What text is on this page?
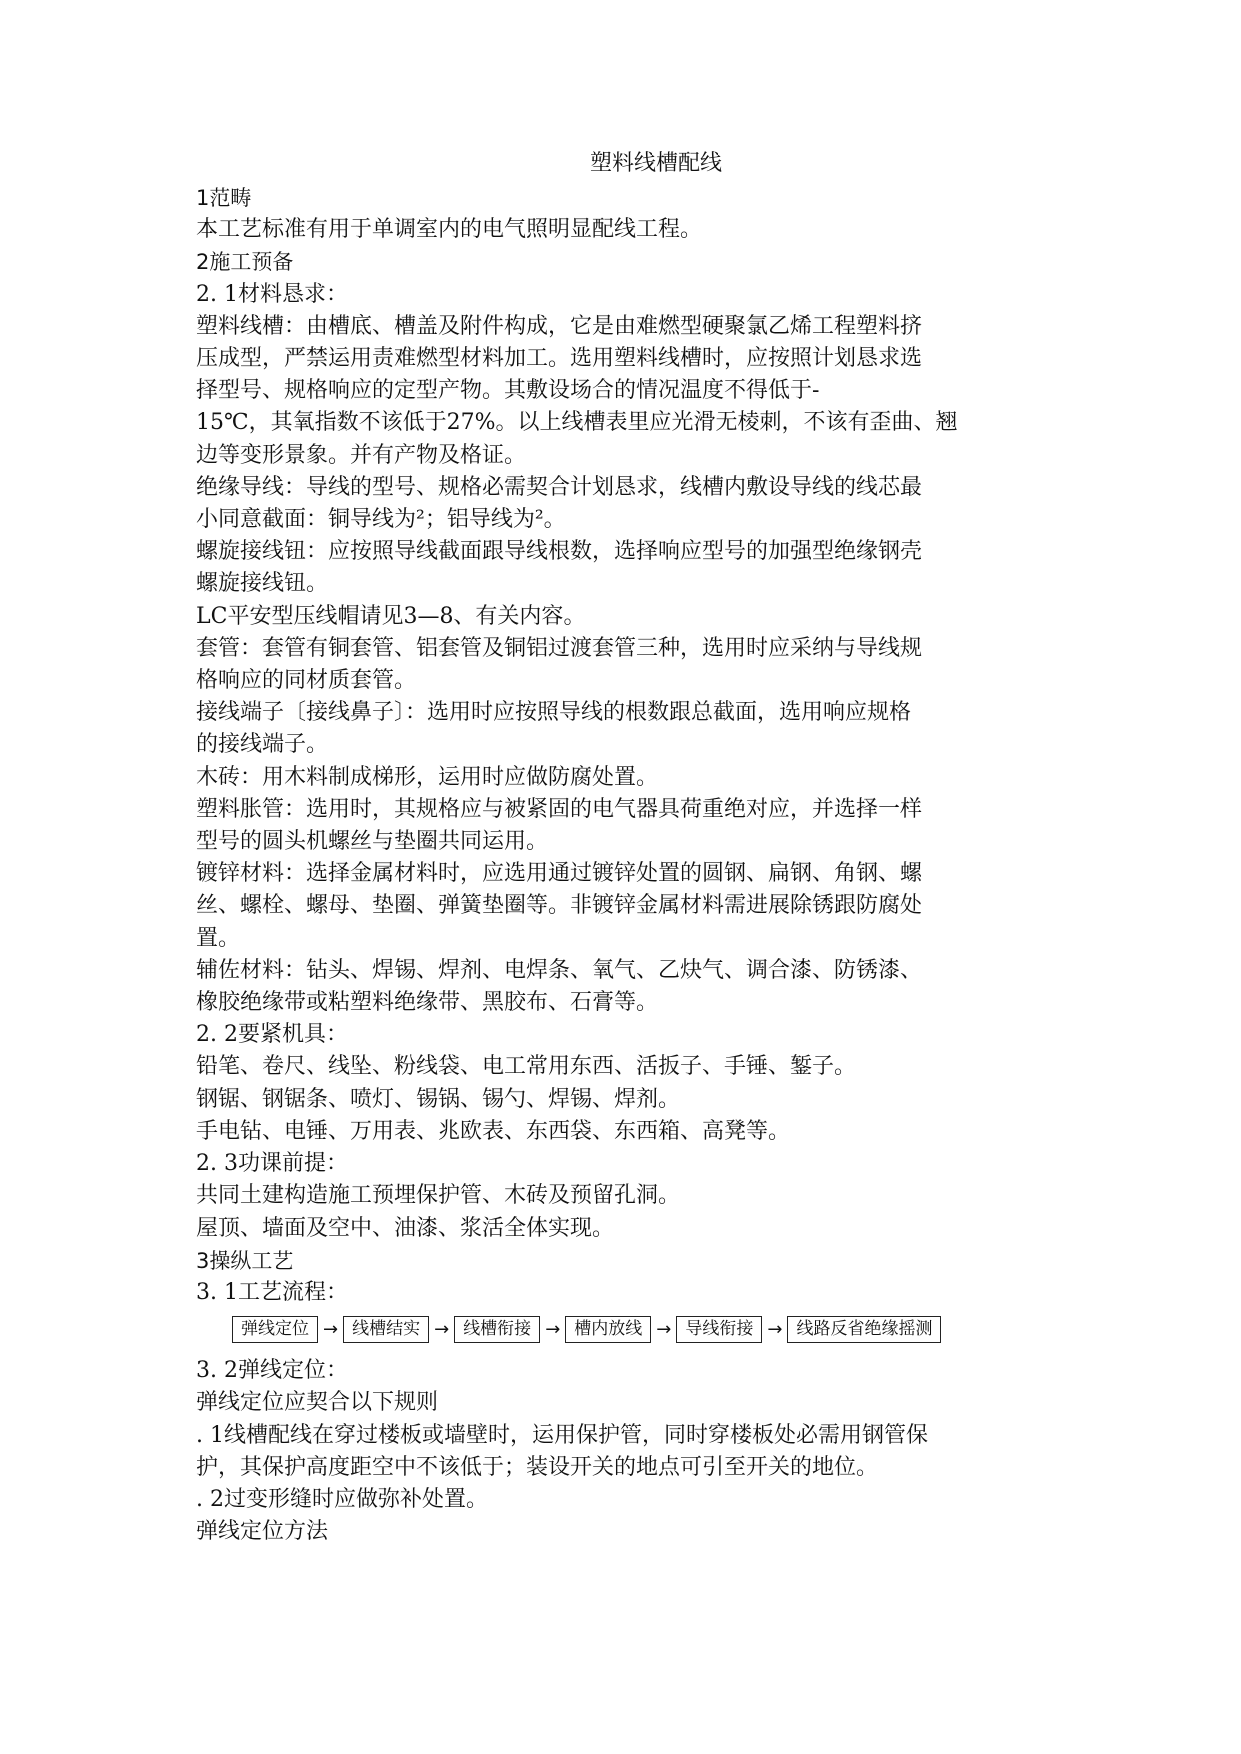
塑料线槽配线
1范畴
本工艺标准有用于单调室内的电气照明显配线工程。
2施工预备
2. 1材料恳求：
塑料线槽：由槽底、槽盖及附件构成，它是由难燃型硬聚氯乙烯工程塑料挤
压成型，严禁运用责难燃型材料加工。选用塑料线槽时，应按照计划恳求选
择型号、规格响应的定型产物。其敷设场合的情况温度不得低于-
15℃，其氧指数不该低于27%。以上线槽表里应光滑无棱刺，不该有歪曲、翘
边等变形景象。并有产物及格证。
绝缘导线：导线的型号、规格必需契合计划恳求，线槽内敷设导线的线芯最
小同意截面：铜导线为²；铝导线为²。
螺旋接线钮：应按照导线截面跟导线根数，选择响应型号的加强型绝缘钢壳
螺旋接线钮。
LC平安型压线帽请见3—8、有关内容。
套管：套管有铜套管、铝套管及铜铝过渡套管三种，选用时应采纳与导线规
格响应的同材质套管。
接线端子〔接线鼻子〕：选用时应按照导线的根数跟总截面，选用响应规格
的接线端子。
木砖：用木料制成梯形，运用时应做防腐处置。
塑料胀管：选用时，其规格应与被紧固的电气器具荷重绝对应，并选择一样
型号的圆头机螺丝与垫圈共同运用。
镀锌材料：选择金属材料时，应选用通过镀锌处置的圆钢、扁钢、角钢、螺
丝、螺栓、螺母、垫圈、弹簧垫圈等。非镀锌金属材料需进展除锈跟防腐处
置。
辅佐材料：钻头、焊锡、焊剂、电焊条、氧气、乙炔气、调合漆、防锈漆、
橡胶绝缘带或粘塑料绝缘带、黑胶布、石膏等。
2. 2要紧机具：
铅笔、卷尺、线坠、粉线袋、电工常用东西、活扳子、手锤、錾子。
钢锯、钢锯条、喷灯、锡锅、锡勺、焊锡、焊剂。
手电钻、电锤、万用表、兆欧表、东西袋、东西箱、高凳等。
2. 3功课前提：
共同土建构造施工预埋保护管、木砖及预留孔洞。
屋顶、墙面及空中、油漆、浆活全体实现。
3操纵工艺
3. 1工艺流程：
弹线定位 → 线槽结实 → 线槽衔接 → 槽内放线 → 导线衔接 → 线路反省绝缘摇测
3. 2弹线定位：
弹线定位应契合以下规则
. 1线槽配线在穿过楼板或墙壁时，运用保护管，同时穿楼板处必需用钢管保
护，其保护高度距空中不该低于；装设开关的地点可引至开关的地位。
. 2过变形缝时应做弥补处置。
弹线定位方法
